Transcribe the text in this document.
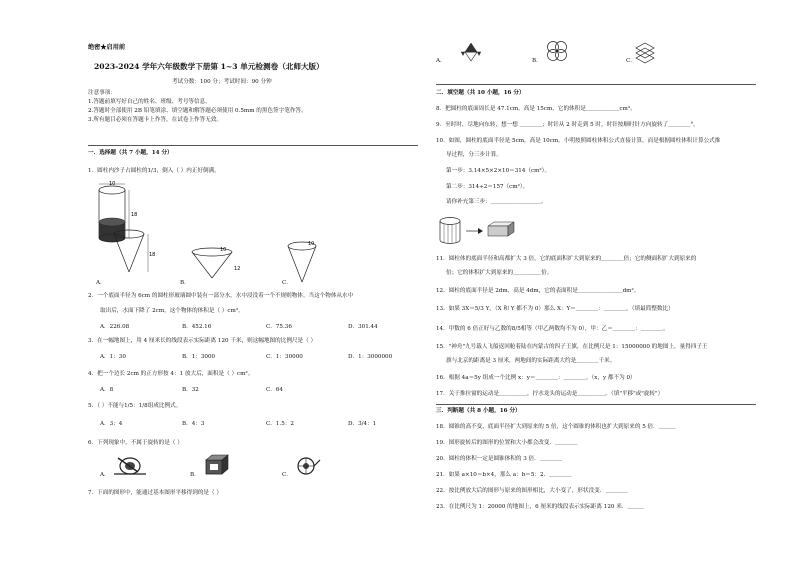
绝密★启用前
2023-2024 学年六年级数学下册第 1~3 单元检测卷（北师大版）
考试分数：100 分；考试时间：90 分钟
注意事项：
1.答题前填写好自己的姓名、班级、考号等信息。
2.答题时全部使用 2B 铅笔填涂、填空题和解答题必须使用 0.5mm 的黑色签字笔作答。
3.所有题目必须在答题卡上作答，在试卷上作答无效。
一．选择题（共 7 小题，14 分）
1．圆柱内沙子占圆柱的1/3，倒入（ ）内正好倒满。
10
18
18
10
12
10
A．	B．	C．
2．一个底面半径为 6cm 的圆柱形玻璃圆中装有一部分水，水中浸没着一个不规则物体。当这个物体从水中
取出后，水面下降了 2cm，这个物体的体积是（ ）cm³。
A．226.08	B．452.16	C．75.36	D．301.44
3．在一幅地图上，用 4 厘米长的线段表示实际距离 120 千米，则这幅地图的比例尺是（ ）
A．1：30	B．1：3000	C．1：30000	D．1：3000000
4．把一个边长 2cm 的正方形按 4：1 放大后，面积是（ ）cm²。
A．8	B．32	C．64
5．（ ）不能与1/5：1/8组成比例式。
A．3：4	B．4：3	C．1.5：2	D．3/4：1
6．下列现象中，不属于旋转的是（ ）
A．	B．	C．
7．下面的图形中，能通过基本图形平移得到的是（ ）
A．	B．	C．
二．填空题（共 10 小题，16 分）
8．把圆柱的底面周长是 47.1cm，高是 15cm，它的体积是＿＿＿＿＿＿cm³。
9．至时时，尽地向东转，想一想 ＿＿＿＿；时针从 2 时走到 5 时，时针按顺时针方向旋转了＿＿＿＿°。
10．如图，圆柱的底面半径是 5cm，高是 10cm。小明按照圆柱体积公式直接计算，而是根据圆柱体积计算公式推
导过程，分三步计算。
第一步：3.14×5×2×10＝314（cm²）。
第二步：314÷2＝157（cm²）。
请你补充第三步：＿＿＿＿＿＿＿＿＿。
11．圆柱体的底面半径和高都扩大 3 倍，它的底面积扩大到原来的＿＿＿＿倍；它的侧面积扩大到原来的
倍；它的体积扩大到原来的＿＿＿＿＿倍。
12．圆柱的底面半径是 2dm，高是 4dm，它的表面积是＿＿＿＿＿＿＿＿dm²。
13．如果 3X＝5/3 Y，（X 和 Y 都不为 0）那么 X：Y＝＿＿＿＿：＿＿＿＿。（填最简整数比）
14．甲数的 6 倍正好与乙数的8/5相等（甲乙两数均不为 0），甲：乙＝＿＿＿＿：＿＿＿＿。
15．"神舟"九号载人飞船返回舱着陆在内蒙古的四子王旗，在比例尺是 1：15000000 的地图上，量得四子王
旗与北京的距离是 3 厘米，两地间的实际距离大约是＿＿＿＿千米。
16．根据 4a＝5y 组成一个比例 x：y＝＿＿＿＿：＿＿＿＿。（x，y 都不为 0）
17．关于推拉窗的运动是＿＿＿＿＿，拧水龙头的运动是＿＿＿＿＿。（填"平移"或"旋转"）
三．判断题（共 8 小题，16 分）
18．圆锥的高不变，底面半径扩大到原来的 5 倍，这个圆锥的体积也扩大到原来的 5 倍．＿＿＿
19．图形旋转后的图形的位置和大小都会改变．＿＿＿＿
20．圆柱的体积一定是圆锥体积的 3 倍．＿＿＿＿
21．如果 a×10＝b×4，那么 a：b＝5：2．＿＿＿＿
22．按比例放大后的图形与原来的图形相比，大小变了，形状没变．＿＿＿＿
23．在比例尺为 1：20000 的地图上，6 厘米的线段表示实际距离 120 米．＿＿＿
